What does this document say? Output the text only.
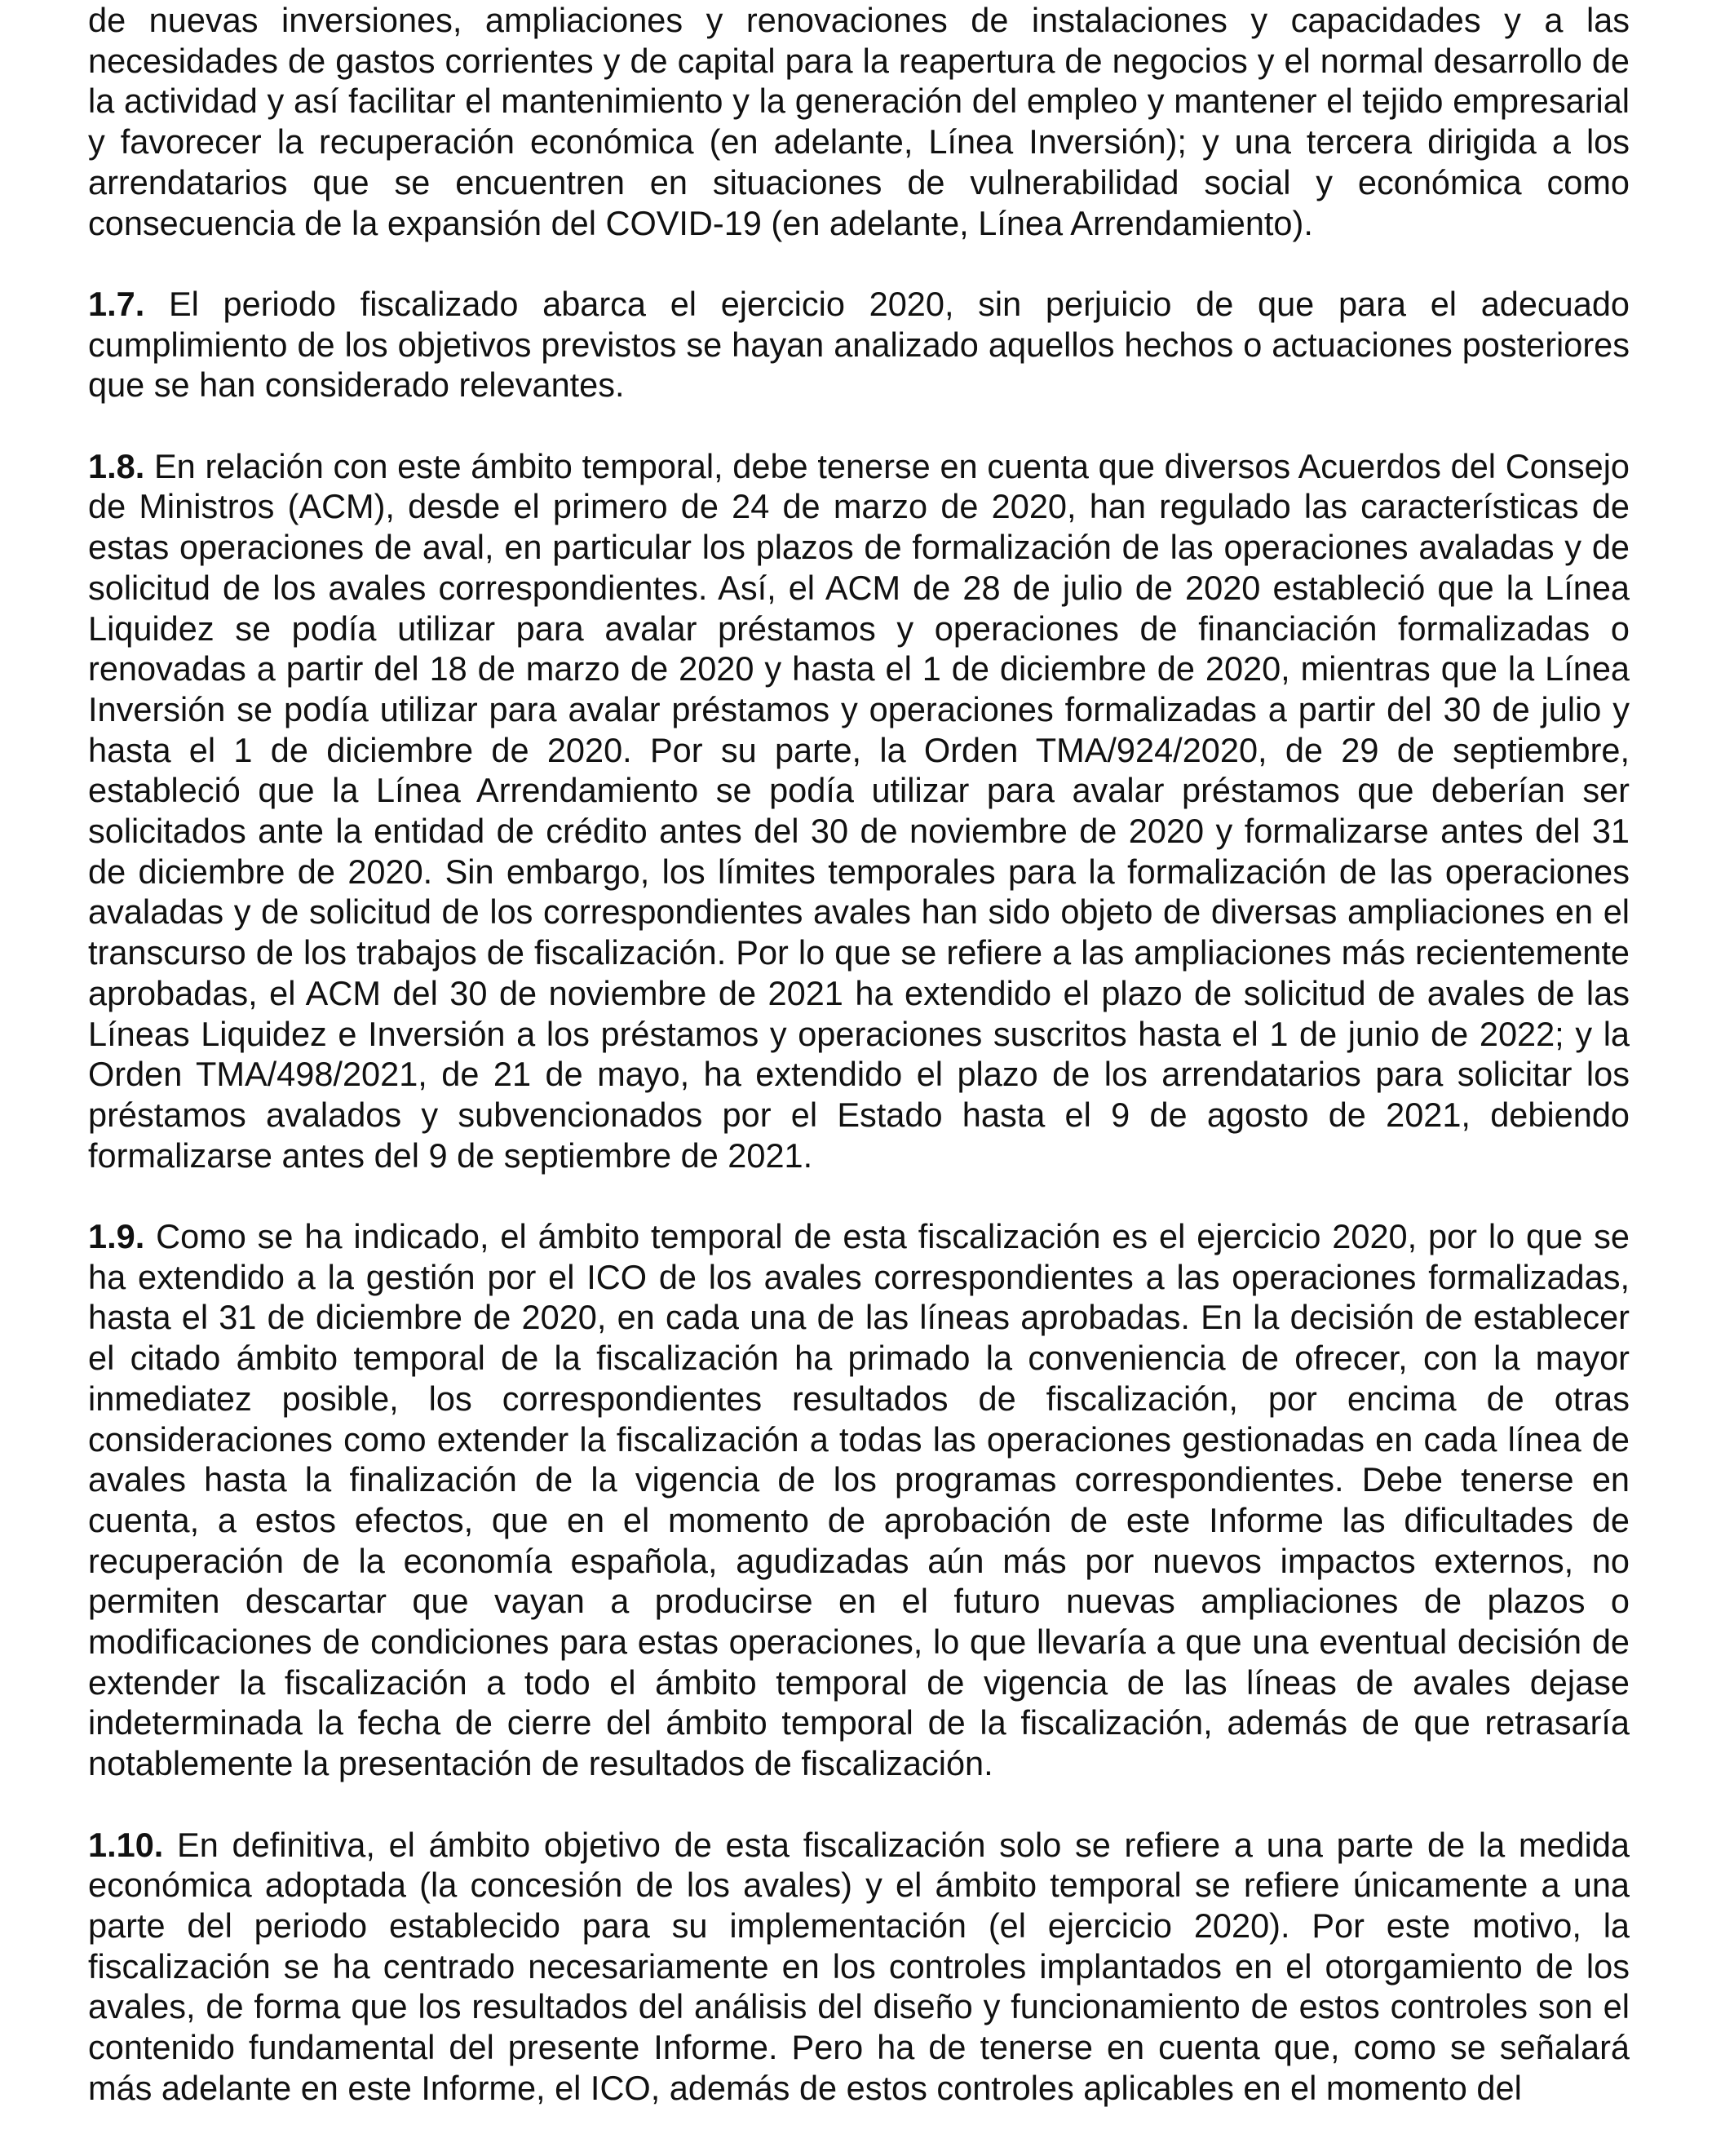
de nuevas inversiones, ampliaciones y renovaciones de instalaciones y capacidades y a las necesidades de gastos corrientes y de capital para la reapertura de negocios y el normal desarrollo de la actividad y así facilitar el mantenimiento y la generación del empleo y mantener el tejido empresarial y favorecer la recuperación económica (en adelante, Línea Inversión); y una tercera dirigida a los arrendatarios que se encuentren en situaciones de vulnerabilidad social y económica como consecuencia de la expansión del COVID-19 (en adelante, Línea Arrendamiento).

1.7. El periodo fiscalizado abarca el ejercicio 2020, sin perjuicio de que para el adecuado cumplimiento de los objetivos previstos se hayan analizado aquellos hechos o actuaciones posteriores que se han considerado relevantes.

1.8. En relación con este ámbito temporal, debe tenerse en cuenta que diversos Acuerdos del Consejo de Ministros (ACM), desde el primero de 24 de marzo de 2020, han regulado las características de estas operaciones de aval, en particular los plazos de formalización de las operaciones avaladas y de solicitud de los avales correspondientes. Así, el ACM de 28 de julio de 2020 estableció que la Línea Liquidez se podía utilizar para avalar préstamos y operaciones de financiación formalizadas o renovadas a partir del 18 de marzo de 2020 y hasta el 1 de diciembre de 2020, mientras que la Línea Inversión se podía utilizar para avalar préstamos y operaciones formalizadas a partir del 30 de julio y hasta el 1 de diciembre de 2020. Por su parte, la Orden TMA/924/2020, de 29 de septiembre, estableció que la Línea Arrendamiento se podía utilizar para avalar préstamos que deberían ser solicitados ante la entidad de crédito antes del 30 de noviembre de 2020 y formalizarse antes del 31 de diciembre de 2020. Sin embargo, los límites temporales para la formalización de las operaciones avaladas y de solicitud de los correspondientes avales han sido objeto de diversas ampliaciones en el transcurso de los trabajos de fiscalización. Por lo que se refiere a las ampliaciones más recientemente aprobadas, el ACM del 30 de noviembre de 2021 ha extendido el plazo de solicitud de avales de las Líneas Liquidez e Inversión a los préstamos y operaciones suscritos hasta el 1 de junio de 2022; y la Orden TMA/498/2021, de 21 de mayo, ha extendido el plazo de los arrendatarios para solicitar los préstamos avalados y subvencionados por el Estado hasta el 9 de agosto de 2021, debiendo formalizarse antes del 9 de septiembre de 2021.

1.9. Como se ha indicado, el ámbito temporal de esta fiscalización es el ejercicio 2020, por lo que se ha extendido a la gestión por el ICO de los avales correspondientes a las operaciones formalizadas, hasta el 31 de diciembre de 2020, en cada una de las líneas aprobadas. En la decisión de establecer el citado ámbito temporal de la fiscalización ha primado la conveniencia de ofrecer, con la mayor inmediatez posible, los correspondientes resultados de fiscalización, por encima de otras consideraciones como extender la fiscalización a todas las operaciones gestionadas en cada línea de avales hasta la finalización de la vigencia de los programas correspondientes. Debe tenerse en cuenta, a estos efectos, que en el momento de aprobación de este Informe las dificultades de recuperación de la economía española, agudizadas aún más por nuevos impactos externos, no permiten descartar que vayan a producirse en el futuro nuevas ampliaciones de plazos o modificaciones de condiciones para estas operaciones, lo que llevaría a que una eventual decisión de extender la fiscalización a todo el ámbito temporal de vigencia de las líneas de avales dejase indeterminada la fecha de cierre del ámbito temporal de la fiscalización, además de que retrasaría notablemente la presentación de resultados de fiscalización.

1.10. En definitiva, el ámbito objetivo de esta fiscalización solo se refiere a una parte de la medida económica adoptada (la concesión de los avales) y el ámbito temporal se refiere únicamente a una parte del periodo establecido para su implementación (el ejercicio 2020). Por este motivo, la fiscalización se ha centrado necesariamente en los controles implantados en el otorgamiento de los avales, de forma que los resultados del análisis del diseño y funcionamiento de estos controles son el contenido fundamental del presente Informe. Pero ha de tenerse en cuenta que, como se señalará más adelante en este Informe, el ICO, además de estos controles aplicables en el momento del
